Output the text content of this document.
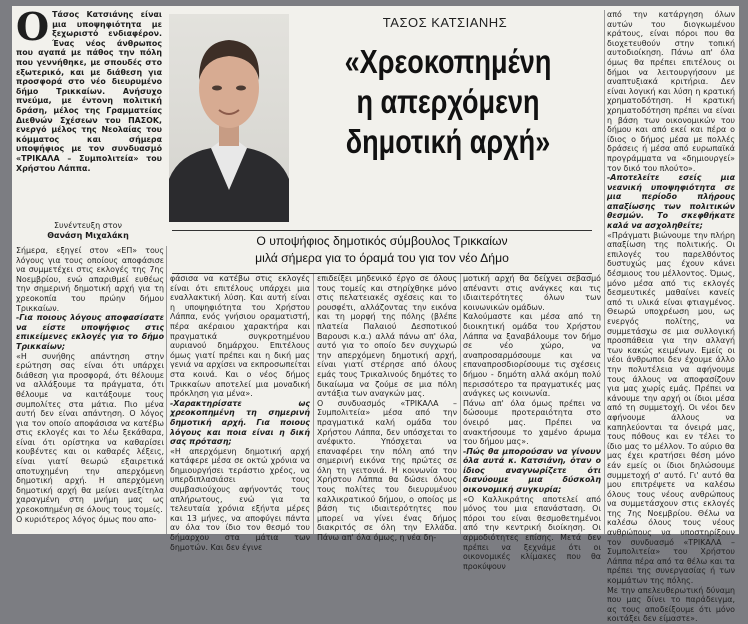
Ο Τάσος Κατσιάνης είναι μια υποψηφιότητα με ξεχωριστό ενδιαφέρον. Ένας νέος άνθρωπος που αγαπά με πάθος την πόλη που γεννήθηκε, με σπουδές στο εξωτερικό, και με διάθεση για προσφορά στο νέο διευρυμένο δήμο Τρικκαίων. Ανήσυχο πνεύμα, με έντονη πολιτική δράση, μέλος της Γραμματείας Διεθνών Σχέσεων του ΠΑΣΟΚ, ενεργό μέλος της Νεολαίας του κόμματος και σήμερα υποψήφιος με τον συνδυασμό «ΤΡΙΚΑΛΑ – Συμπολιτεία» του Χρήστου Λάππα.

Συνέντευξη στον
Θανάση Μιχαλάκη

Σήμερα, εξηγεί στον «ΕΠ» τους λόγους για τους οποίους αποφάσισε να συμμετέχει στις εκλογές της 7ης Νοεμβρίου, ενώ απαριθμεί ευθέως την σημερινή δημοτική αρχή για τη χρεοκοπία του πρώην δήμου Τρικκαίων.

-Για ποιους λόγους αποφασίσατε να είστε υποψήφιος στις επικείμενες εκλογές για το δήμο Τρικκαίων;

«Η συνήθης απάντηση στην ερώτηση σας είναι ότι υπάρχει διάθεση για προσφορά, ότι θέλουμε να αλλάξουμε τα πράγματα, ότι θέλουμε να καιτάξουμε τους συμπολίτες στα μάτια. Πιο μένα αυτή δεν είναι απάντηση. Ο λόγος για τον οποίο αποφάσισα να κατέβω στις εκλογές και το λέω ξεκάθαρα, είναι ότι ορίστηκα να καθαρίσει κουβέντες και οι καθαρές λέξεις, είναι γιατί θεωρώ εξαιρετικά αποτυχημένη την απερχόμενη δημοτική αρχή. Η απερχόμενη δημοτική αρχή θα μείνει ανεξίτηλα χαραγμένη στη μνήμη μας ως χρεοκοπημένη σε όλους τους τομείς.

Ο κυριότερος λόγος όμως που απο-

ΤΑΣΟΣ ΚΑΤΣΙΑΝΗΣ
«Χρεοκοπημένη
η απερχόμενη
δημοτική αρχή»
Ο υποψήφιος δημοτικός σύμβουλος Τρικκαίων
μιλά σήμερα για το όραμά του για τον νέο Δήμο

φάσισα να κατέβω στις εκλογές είναι ότι επιτέλους υπάρχει μια εναλλακτική λύση. Και αυτή είναι η υποψηφιότητα του Χρήστου Λάππα, ενός γνήσιου οραματιστή, πέρα ακέραιου χαρακτήρα και πραγματικά συγκροτημένου αυριανού δημάρχου. Επιτέλους όμως γιατί πρέπει και η δική μας γενιά να αρχίσει να εκπροσωπείται στα κοινά. Και ο νέος δήμος Τρικκαίων αποτελεί μια μοναδική πρόκληση για μένα».

-Χαρακτηρίσατε ως χρεοκοπημένη τη σημερινή δημοτική αρχή. Για ποιους λόγους και ποια είναι η δική σας πρόταση;

«Η απερχόμενη δημοτική αρχή κατάφερε μέσα σε οκτώ χρόνια να δημιουργήσει τεράστιο χρέος, να υπερδιπλασιάσει τους συμβασιούχους αφήνοντάς τους απλήρωτους, ενώ για τα τελευταία χρόνια εξήντα μέρες και 13 μήνες, να αποφύγει πάντα αν όλα τον ίδιο τον θεσμό του δήμαρχου στα μάτια των δημοτών. Και δεν έγινε

επιδείξει μηδενικό έργο σε όλους τους τομείς και στηρίχθηκε μόνο στις πελατειακές σχέσεις και το ρουσφέτι, αλλάζοντας την εικόνα και τη μορφή της πόλης (βλέπε πλατεία Παλαιού Δεσποτικού Βαρουσι κ.α.) αλλά πάνω απ' όλα, αυτό για το οποίο δεν συγχωρώ την απερχόμενη δημοτική αρχή, είναι γιατί στέρησε από όλους εμάς τους Τρικαλινούς δημότες το δικαίωμα να ζούμε σε μια πόλη αντάξια των αναγκών μας.

Ο συνδυασμός «ΤΡΙΚΑΛΑ – Συμπολιτεία» μέσα από την πραγματικά καλή ομάδα του Χρήστου Λάππα, δεν υπόσχεται το ανέφικτο. Υπόσχεται να επαναφέρει την πόλη από την σημερινή εικόνα της πρώτες σε όλη τη γειτονιά. Η κοινωνία του Χρήστου Λάππα θα δώσει όλους τους πολίτες του διευρυμένου καλλικρατικού δήμου, ο οποίος με βάση τις ιδιαιτερότητες που μπορεί να γίνει ένας δήμος διακριτός σε όλη την Ελλάδα. Πάνω απ' όλα όμως, η νέα δη-

μοτική αρχή θα δείχνει σεβασμό απέναντι στις ανάγκες και τις ιδιαιτερότητες όλων των κοινωνικών ομάδων.

Καλούμαστε και μέσα από τη διοικητική ομάδα του Χρήστου Λάππα να ξαναβάλουμε τον δήμο σε νέο χώρο, να αναπροσαρμόσουμε και να επαναπροσδιορίσουμε τις σχέσεις δήμου - δημότη αλλά ακόμη πολύ περισσότερο τα πραγματικές μας ανάγκες ως κοινωνία.

Πάνω απ' όλα όμως πρέπει να δώσουμε προτεραιότητα στο όνειρό μας. Πρέπει να ανακτήσουμε το χαμένο άρωμα του δήμου μας».

-Πώς θα μπορούσαν να γίνουν όλα αυτά κ. Κατσιάνη, όταν ο ίδιος αναγνωρίζετε ότι διανύουμε μια δύσκολη οικονομική συγκυρία;

«Ο Καλλικράτης αποτελεί από μόνος του μια επανάσταση. Οι πόροι του είναι θεσμοθετημένοι από την κεντρική διοίκηση. Οι αρμοδιότητες επίσης. Μετά δεν πρέπει να ξεχνάμε ότι οι οικονομικές κλίμακες που θα προκύψουν

από την κατάργηση όλων αυτών του διογκωμένου κράτους, είναι πόροι που θα διοχετευθούν στην τοπική αυτοδιοίκηση. Πάνω απ' όλα όμως θα πρέπει επιτέλους οι δήμοι να λειτουργήσουν με αναπτυξιακά κριτήρια. Δεν είναι λογική και λύση η κρατική χρηματοδότηση. Η κρατική χρηματοδότηση πρέπει να είναι η βάση των οικονομικών του δήμου και από εκεί και πέρα ο ίδιος ο δήμος μέσα με πολλές δράσεις ή μέσα από ευρωπαϊκά προγράμματα να «δημιουργεί» τον δικό του πλούτο».

-Αποτελείτε εσείς μια νεανική υποψηφιότητα σε μια περίοδο πλήρους απαξίωσης των πολιτικών θεσμών. Το σκεφθήκατε καλά να ασχοληθείτε;

«Πράγματι βιώνουμε την πλήρη απαξίωση της πολιτικής. Οι επιλογές του παρελθόντος δυστυχώς μας έχουν κάνει δέσμιους του μέλλοντος. Όμως, μόνο μέσα από τις εκλογές δεσμευτικές μαθαίνει κανείς από τι υλικά είναι φτιαγμένος. Θεωρώ υποχρέωση μου, ως ενεργός πολίτης, να συμμετάσχω σε μια συλλογική προσπάθεια για την αλλαγή των κακώς κειμένων. Εμείς οι νέοι άνθρωποι δεν έχουμε άλλο την πολυτέλεια να αφήνουμε τους άλλους να αποφασίζουν για μας χωρίς εμάς. Πρέπει να κάνουμε την αρχή οι ίδιοι μέσα από τη συμμετοχή. Οι νέοι δεν αφήνουμε άλλους να καπηλεύονται τα όνειρά μας, τους πόθους και εν τέλει το ίδιο μας το μέλλον. Το αύριο θα μας έχει κρατήσει θέση μόνο εάν εμείς οι ίδιοι δηλώσουμε συμμετοχή σ' αυτό. Γι' αυτό θα μου επιτρέψετε να καλέσω όλους τους νέους ανθρώπους να συμμετάσχουν στις εκλογές της 7ης Νοεμβρίου. Θέλω να καλέσω όλους τους νέους ανθρώπους να υποστηρίξουν τον συνδυασμό «ΤΡΙΚΑΛΑ – Συμπολιτεία» του Χρήστου Λάππα πέρα από τα θέλω και τα πρέπει της συνεργασίας ή των κομμάτων της πόλης.

Με την απελευθερωτική δύναμη που μας δίνει το παράδειγμα, ας τους αποδείξουμε ότι μόνο κοιτάξει δεν είμαστε».
